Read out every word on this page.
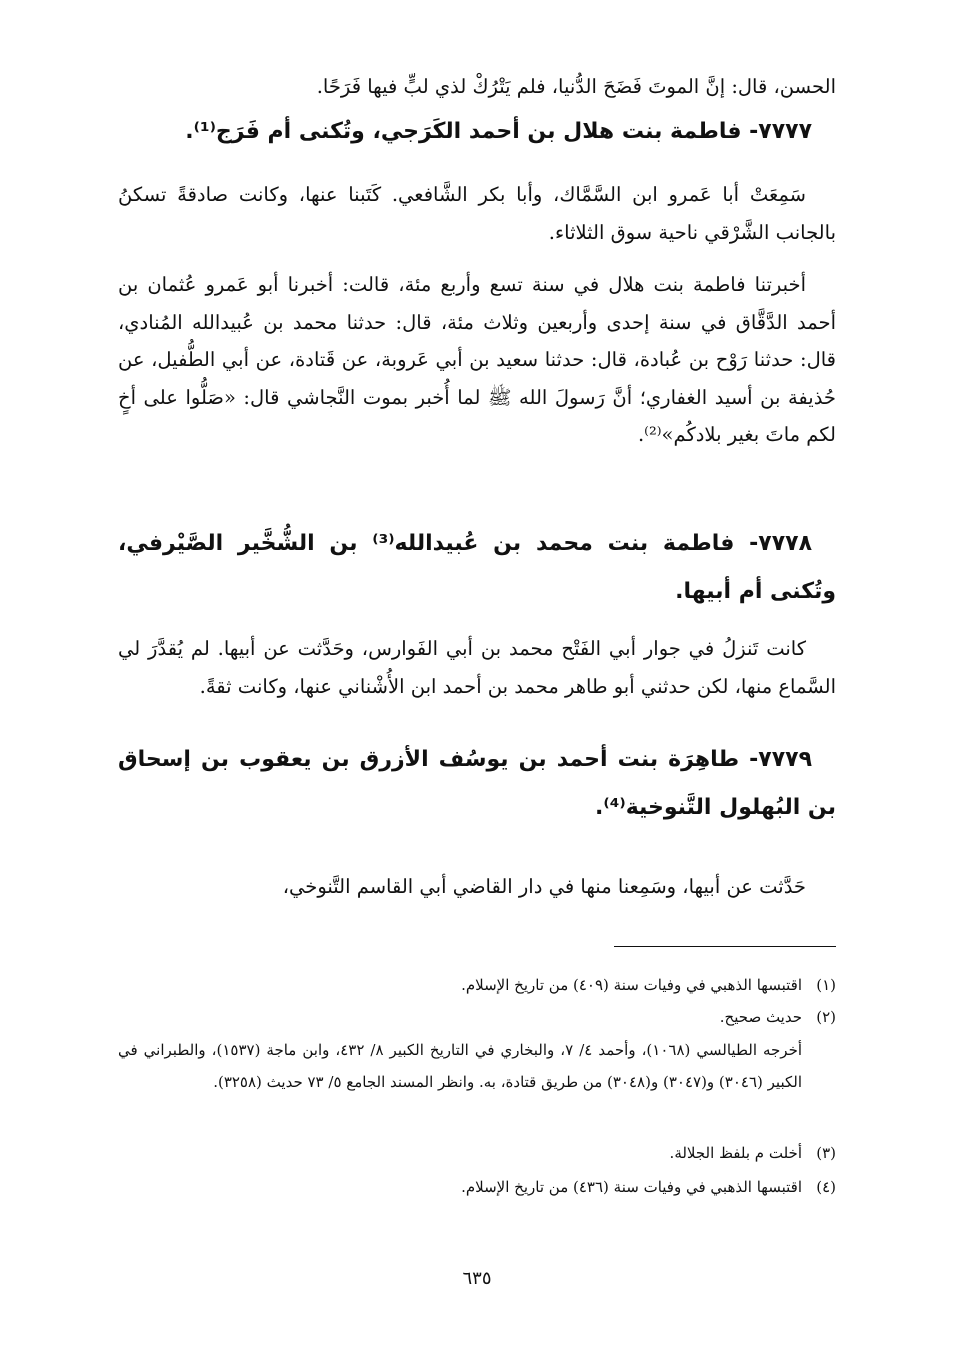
الحسن، قال: إنَّ الموتَ فَضَحَ الدُّنيا، فلم يَتْرُكْ لذي لبٍّ فيها فَرَحًا.

٧٧٧٧- فاطمة بنت هلال بن أحمد الكَرَجي، وتُكنى أم فَرَج⁽¹⁾.

سَمِعَتْ أبا عَمرو ابن السَّمَّاك، وأبا بكر الشَّافعي. كَتَبنا عنها، وكانت صادقةً تسكنُ بالجانب الشَّرْقي ناحية سوق الثلاثاء.

أخبرتنا فاطمة بنت هلال في سنة تسع وأربع مئة، قالت: أخبرنا أبو عَمرو عُثمان بن أحمد الدَّقَّاق في سنة إحدى وأربعين وثلاث مئة، قال: حدثنا محمد بن عُبيدالله المُنادي، قال: حدثنا رَوْح بن عُبادة، قال: حدثنا سعيد بن أبي عَروبة، عن قَتادة، عن أبي الطُّفيل، عن حُذيفة بن أسيد الغفاري؛ أنَّ رَسولَ الله ﷺ لما أُخبر بموت النَّجاشي قال: «صَلُّوا على أخٍ لكم ماتَ بغير بلادكُم»⁽²⁾.

٧٧٧٨- فاطمة بنت محمد بن عُبيدالله⁽³⁾ بن الشُّخَّير الصَّيْرفي، وتُكنى أم أبيها.

كانت تَنزلُ في جوار أبي الفَتْح محمد بن أبي الفَوارس، وحَدَّثت عن أبيها. لم يُقدَّرَ لي السَّماع منها، لكن حدثني أبو طاهر محمد بن أحمد ابن الأُشْناني عنها، وكانت ثقةً.

٧٧٧٩- طاهِرَة بنت أحمد بن يوسُف الأزرق بن يعقوب بن إسحاق بن البُهلول التَّنوخية⁽⁴⁾.

حَدَّثت عن أبيها، وسَمِعنا منها في دار القاضي أبي القاسم التَّنوخي،

(١)
اقتبسها الذهبي في وفيات سنة (٤٠٩) من تاريخ الإسلام.
(٢)
حديث صحيح.
أخرجه الطيالسي (١٠٦٨)، وأحمد ٤/ ٧، والبخاري في التاريخ الكبير ٨/ ٤٣٢، وابن ماجة (١٥٣٧)، والطبراني في الكبير (٣٠٤٦) و(٣٠٤٧) و(٣٠٤٨) من طريق قتادة، به. وانظر المسند الجامع ٥/ ٧٣ حديث (٣٢٥٨).
(٣)
أخلت م بلفظ الجلالة.
(٤)
اقتبسها الذهبي في وفيات سنة (٤٣٦) من تاريخ الإسلام.
٦٣٥
